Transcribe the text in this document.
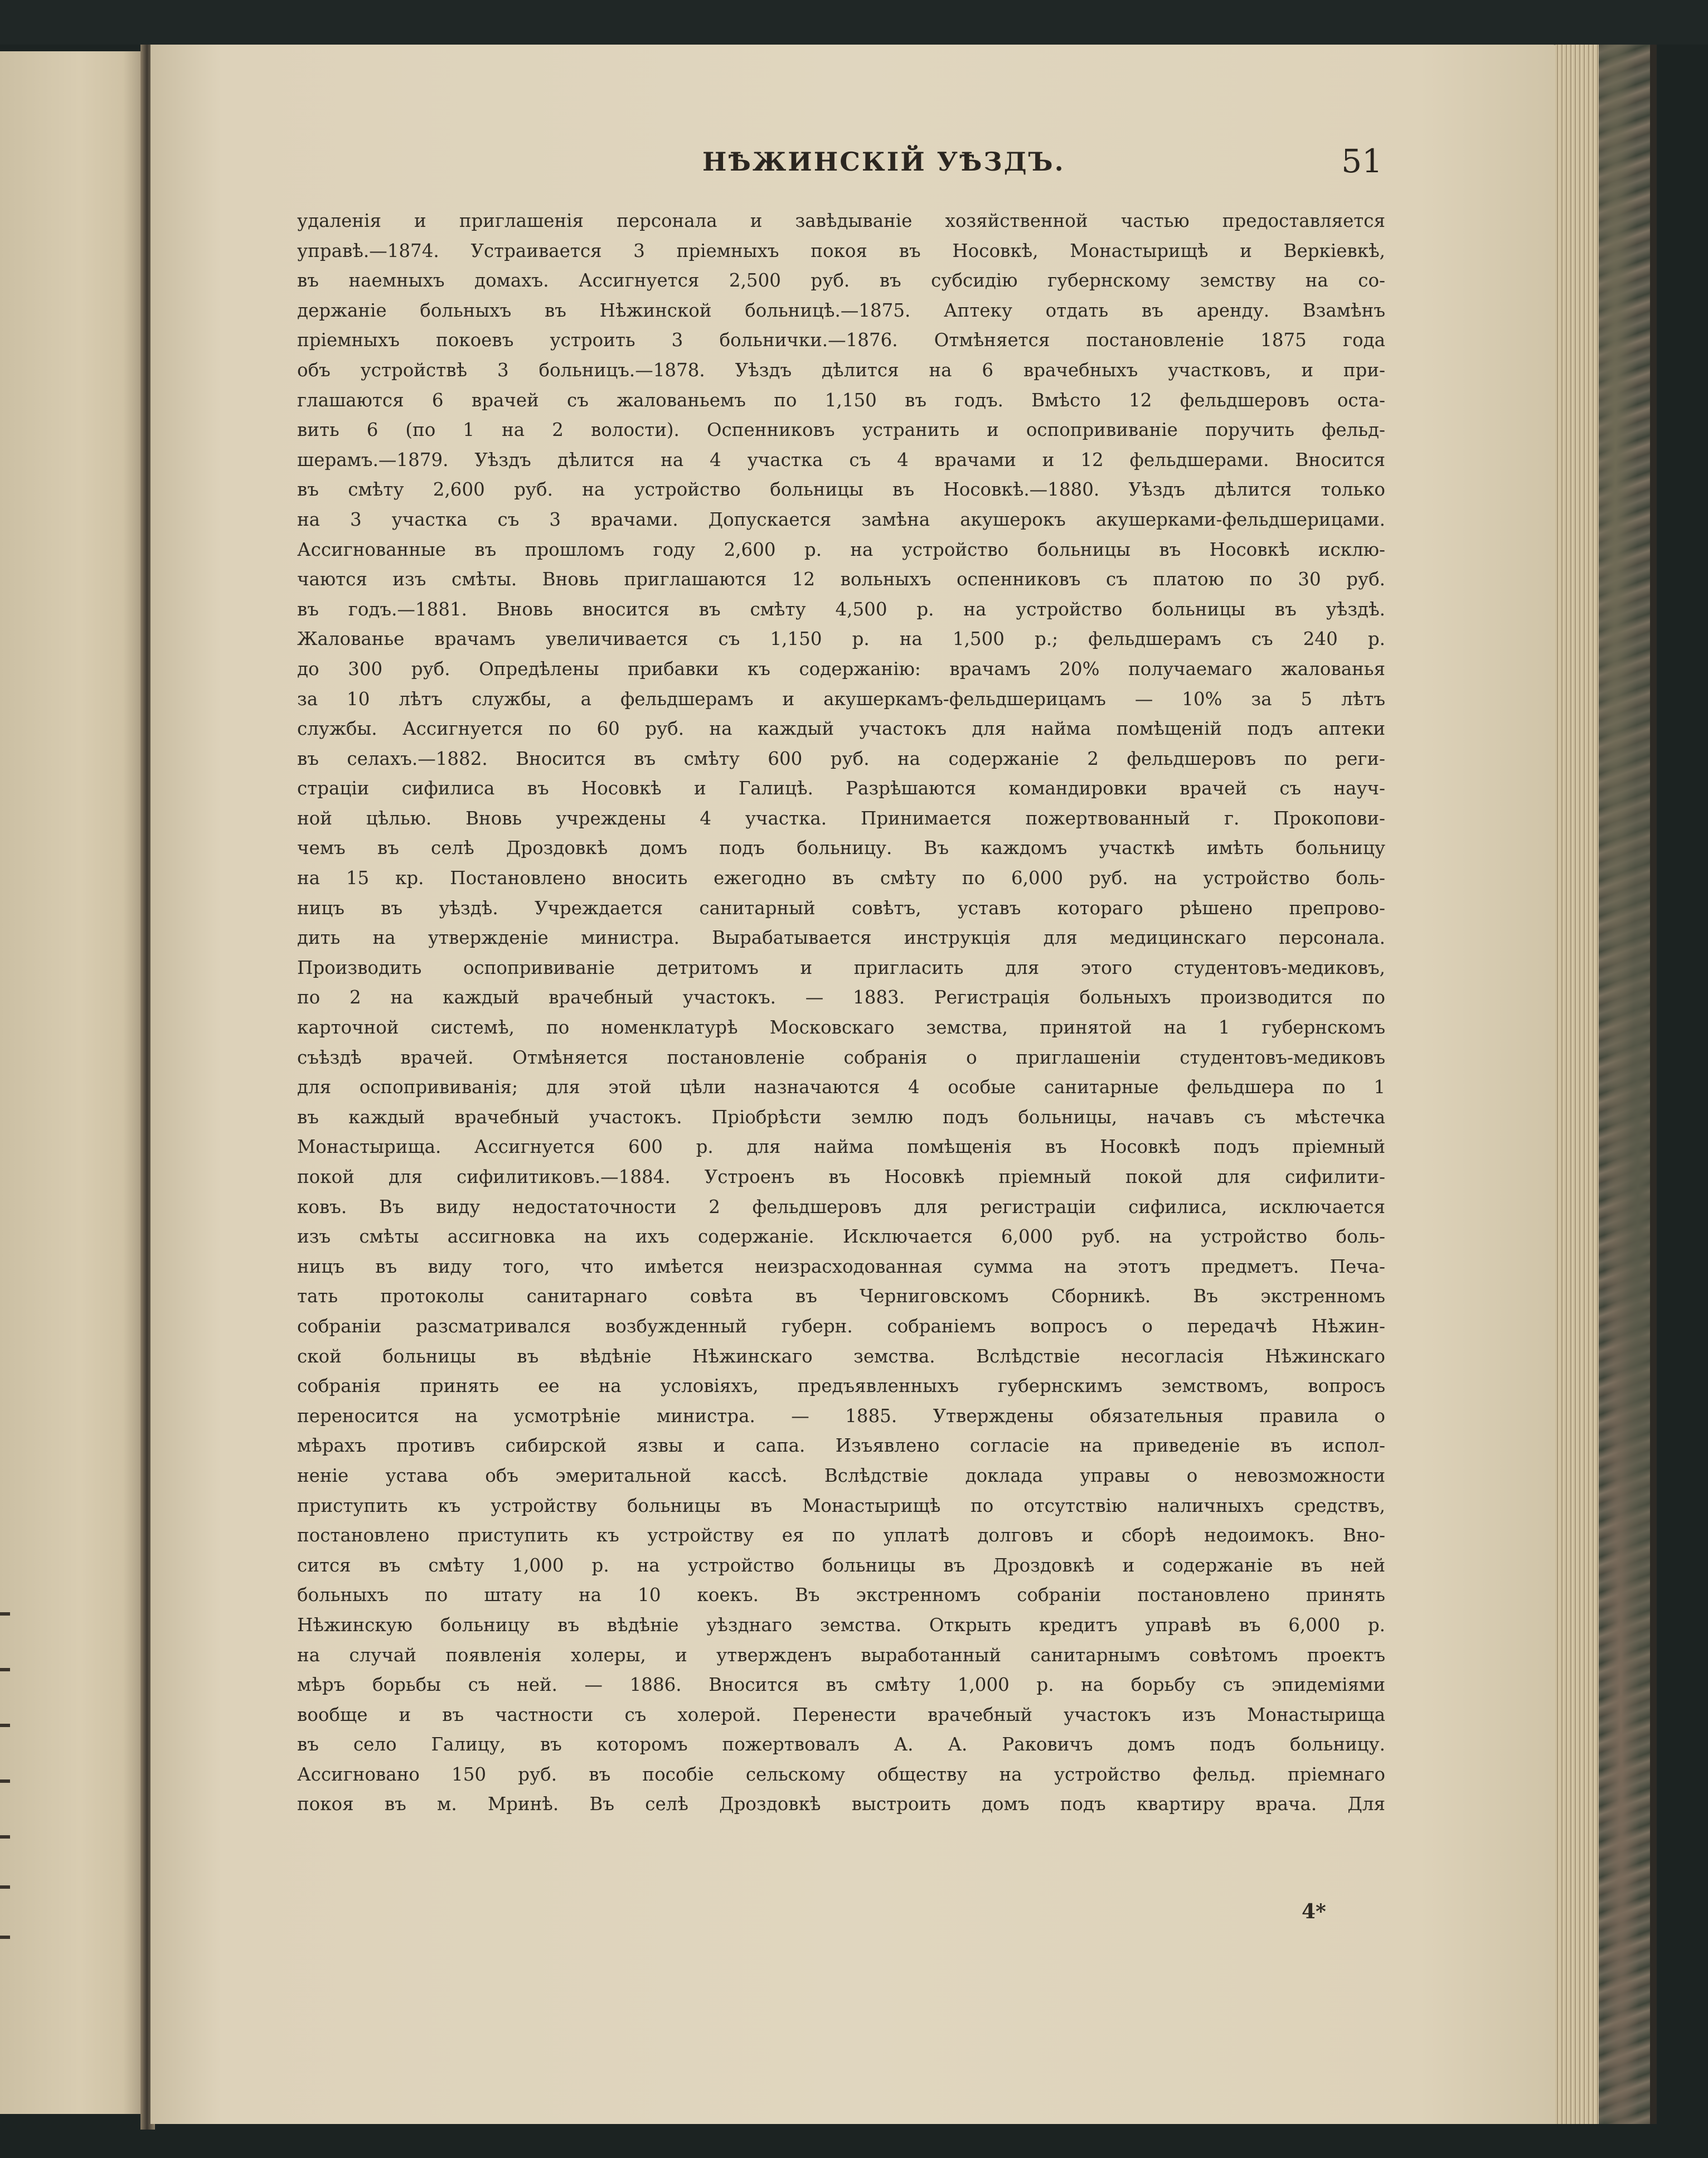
НѢЖИНСКІЙ УѢЗДЪ.	51
удаленія и приглашенія персонала и завѣдываніе хозяйственной частью предоставляется
управѣ.—1874. Устраивается 3 пріемныхъ покоя въ Носовкѣ, Монастырищѣ и Веркіевкѣ,
въ наемныхъ домахъ. Ассигнуется 2,500 руб. въ субсидію губернскому земству на со-
держаніе больныхъ въ Нѣжинской больницѣ.—1875. Аптеку отдать въ аренду. Взамѣнъ
пріемныхъ покоевъ устроить 3 больнички.—1876. Отмѣняется постановленіе 1875 года
объ устройствѣ 3 больницъ.—1878. Уѣздъ дѣлится на 6 врачебныхъ участковъ, и при-
глашаются 6 врачей съ жалованьемъ по 1,150 въ годъ. Вмѣсто 12 фельдшеровъ оста-
вить 6 (по 1 на 2 волости). Оспенниковъ устранить и оспопрививаніе поручить фельд-
шерамъ.—1879. Уѣздъ дѣлится на 4 участка съ 4 врачами и 12 фельдшерами. Вносится
въ смѣту 2,600 руб. на устройство больницы въ Носовкѣ.—1880. Уѣздъ дѣлится только
на 3 участка съ 3 врачами. Допускается замѣна акушерокъ акушерками-фельдшерицами.
Ассигнованные въ прошломъ году 2,600 р. на устройство больницы въ Носовкѣ исклю-
чаются изъ смѣты. Вновь приглашаются 12 вольныхъ оспенниковъ съ платою по 30 руб.
въ годъ.—1881. Вновь вносится въ смѣту 4,500 р. на устройство больницы въ уѣздѣ.
Жалованье врачамъ увеличивается съ 1,150 р. на 1,500 р.; фельдшерамъ съ 240 р.
до 300 руб. Опредѣлены прибавки къ содержанію: врачамъ 20% получаемаго жалованья
за 10 лѣтъ службы, а фельдшерамъ и акушеркамъ-фельдшерицамъ — 10% за 5 лѣтъ
службы. Ассигнуется по 60 руб. на каждый участокъ для найма помѣщеній подъ аптеки
въ селахъ.—1882. Вносится въ смѣту 600 руб. на содержаніе 2 фельдшеровъ по реги-
страціи сифилиса въ Носовкѣ и Галицѣ. Разрѣшаются командировки врачей съ науч-
ной цѣлью. Вновь учреждены 4 участка. Принимается пожертвованный г. Прокопови-
чемъ въ селѣ Дроздовкѣ домъ подъ больницу. Въ каждомъ участкѣ имѣть больницу
на 15 кр. Постановлено вносить ежегодно въ смѣту по 6,000 руб. на устройство боль-
ницъ въ уѣздѣ. Учреждается санитарный совѣтъ, уставъ котораго рѣшено препрово-
дить на утвержденіе министра. Вырабатывается инструкція для медицинскаго персонала.
Производить оспопрививаніе детритомъ и пригласить для этого студентовъ-медиковъ,
по 2 на каждый врачебный участокъ. — 1883. Регистрація больныхъ производится по
карточной системѣ, по номенклатурѣ Московскаго земства, принятой на 1 губернскомъ
съѣздѣ врачей. Отмѣняется постановленіе собранія о приглашеніи студентовъ-медиковъ
для оспопрививанія; для этой цѣли назначаются 4 особые санитарные фельдшера по 1
въ каждый врачебный участокъ. Пріобрѣсти землю подъ больницы, начавъ съ мѣстечка
Монастырища. Ассигнуется 600 р. для найма помѣщенія въ Носовкѣ подъ пріемный
покой для сифилитиковъ.—1884. Устроенъ въ Носовкѣ пріемный покой для сифилити-
ковъ. Въ виду недостаточности 2 фельдшеровъ для регистраціи сифилиса, исключается
изъ смѣты ассигновка на ихъ содержаніе. Исключается 6,000 руб. на устройство боль-
ницъ въ виду того, что имѣется неизрасходованная сумма на этотъ предметъ. Печа-
тать протоколы санитарнаго совѣта въ Черниговскомъ Сборникѣ. Въ экстренномъ
собраніи разсматривался возбужденный губерн. собраніемъ вопросъ о передачѣ Нѣжин-
ской больницы въ вѣдѣніе Нѣжинскаго земства. Вслѣдствіе несогласія Нѣжинскаго
собранія принять ее на условіяхъ, предъявленныхъ губернскимъ земствомъ, вопросъ
переносится на усмотрѣніе министра. — 1885. Утверждены обязательныя правила о
мѣрахъ противъ сибирской язвы и сапа. Изъявлено согласіе на приведеніе въ испол-
неніе устава объ эмеритальной кассѣ. Вслѣдствіе доклада управы о невозможности
приступить къ устройству больницы въ Монастырищѣ по отсутствію наличныхъ средствъ,
постановлено приступить къ устройству ея по уплатѣ долговъ и сборѣ недоимокъ. Вно-
сится въ смѣту 1,000 р. на устройство больницы въ Дроздовкѣ и содержаніе въ ней
больныхъ по штату на 10 коекъ. Въ экстренномъ собраніи постановлено принять
Нѣжинскую больницу въ вѣдѣніе уѣзднаго земства. Открыть кредитъ управѣ въ 6,000 р.
на случай появленія холеры, и утвержденъ выработанный санитарнымъ совѣтомъ проектъ
мѣръ борьбы съ ней. — 1886. Вносится въ смѣту 1,000 р. на борьбу съ эпидеміями
вообще и въ частности съ холерой. Перенести врачебный участокъ изъ Монастырища
въ село Галицу, въ которомъ пожертвовалъ А. А. Раковичъ домъ подъ больницу.
Ассигновано 150 руб. въ пособіе сельскому обществу на устройство фельд. пріемнаго
покоя въ м. Мринѣ. Въ селѣ Дроздовкѣ выстроить домъ подъ квартиру врача. Для
4*
